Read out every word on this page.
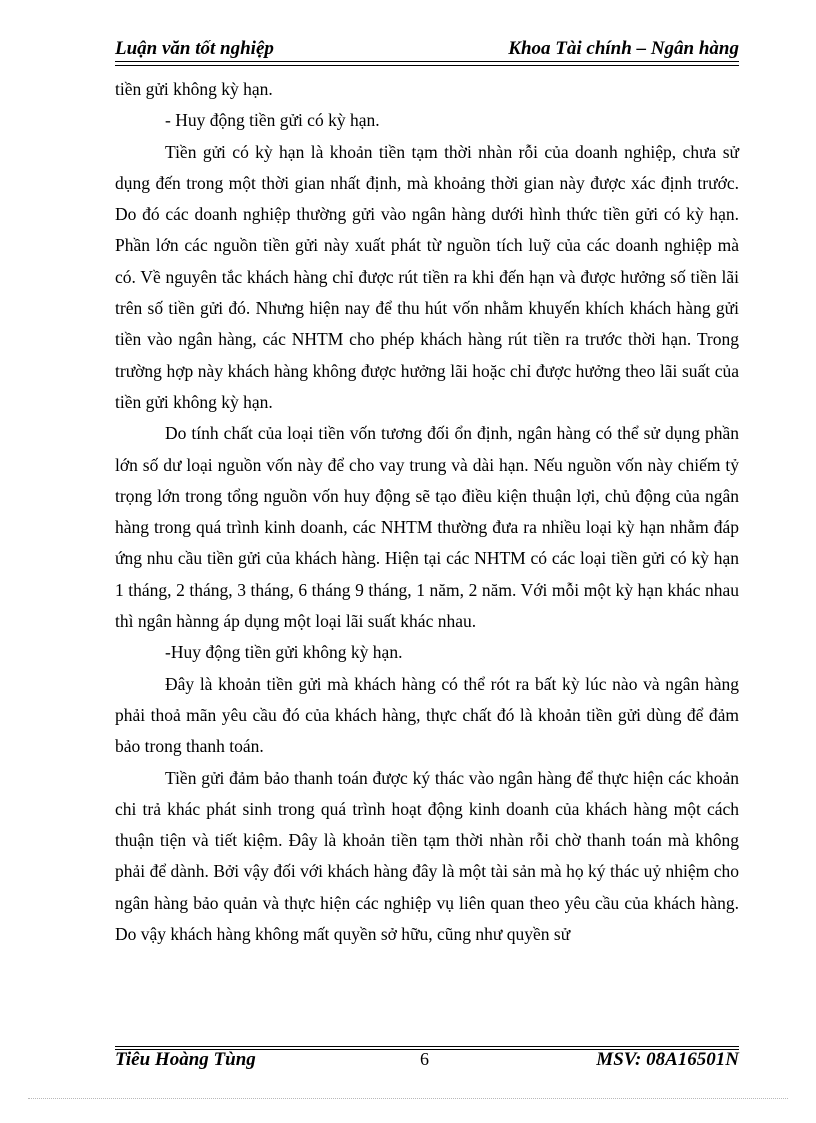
Luận văn tốt nghiệp	Khoa Tài chính – Ngân hàng

tiền gửi không kỳ hạn.

- Huy động tiền gửi có kỳ hạn.

Tiền gửi có kỳ hạn là khoản tiền tạm thời nhàn rỗi của doanh nghiệp, chưa sử dụng đến trong một thời gian nhất định, mà khoảng thời gian này được xác định trước. Do đó các doanh nghiệp thường gửi vào ngân hàng dưới hình thức tiền gửi có kỳ hạn. Phần lớn các nguồn tiền gửi này xuất phát từ nguồn tích luỹ của các doanh nghiệp mà có. Về nguyên tắc khách hàng chỉ được rút tiền ra khi đến hạn và được hưởng số tiền lãi trên số tiền gửi đó. Nhưng hiện nay để thu hút vốn nhằm khuyến khích khách hàng gửi tiền vào ngân hàng, các NHTM cho phép khách hàng rút tiền ra trước thời hạn. Trong trường hợp này khách hàng không được hưởng lãi hoặc chỉ được hưởng theo lãi suất của tiền gửi không kỳ hạn.

Do tính chất của loại tiền vốn tương đối ổn định, ngân hàng có thể sử dụng phần lớn số dư loại nguồn vốn này để cho vay trung và dài hạn. Nếu nguồn vốn này chiếm tỷ trọng lớn trong tổng nguồn vốn huy động sẽ tạo điều kiện thuận lợi, chủ động của ngân hàng trong quá trình kinh doanh, các NHTM thường đưa ra nhiều loại kỳ hạn nhằm đáp ứng nhu cầu tiền gửi của khách hàng. Hiện tại các NHTM có các loại tiền gửi có kỳ hạn 1 tháng, 2 tháng, 3 tháng, 6 tháng 9 tháng, 1 năm, 2 năm. Với mỗi một kỳ hạn khác nhau thì ngân hànng áp dụng một loại lãi suất khác nhau.

-Huy động tiền gửi không kỳ hạn.

Đây là khoản tiền gửi mà khách hàng có thể rót ra bất kỳ lúc nào và ngân hàng phải thoả mãn yêu cầu đó của khách hàng, thực chất đó là khoản tiền gửi dùng để đảm bảo trong thanh toán.

Tiền gửi đảm bảo thanh toán được ký thác vào ngân hàng để thực hiện các khoản chi trả khác phát sinh trong quá trình hoạt động kinh doanh của khách hàng một cách thuận tiện và tiết kiệm. Đây là khoản tiền tạm thời nhàn rỗi chờ thanh toán mà không phải để dành. Bởi vậy đối với khách hàng đây là một tài sản mà họ ký thác uỷ nhiệm cho ngân hàng bảo quản và thực hiện các nghiệp vụ liên quan theo yêu cầu của khách hàng. Do vậy khách hàng không mất quyền sở hữu, cũng như quyền sử

Tiêu Hoàng Tùng	6	MSV: 08A16501N
